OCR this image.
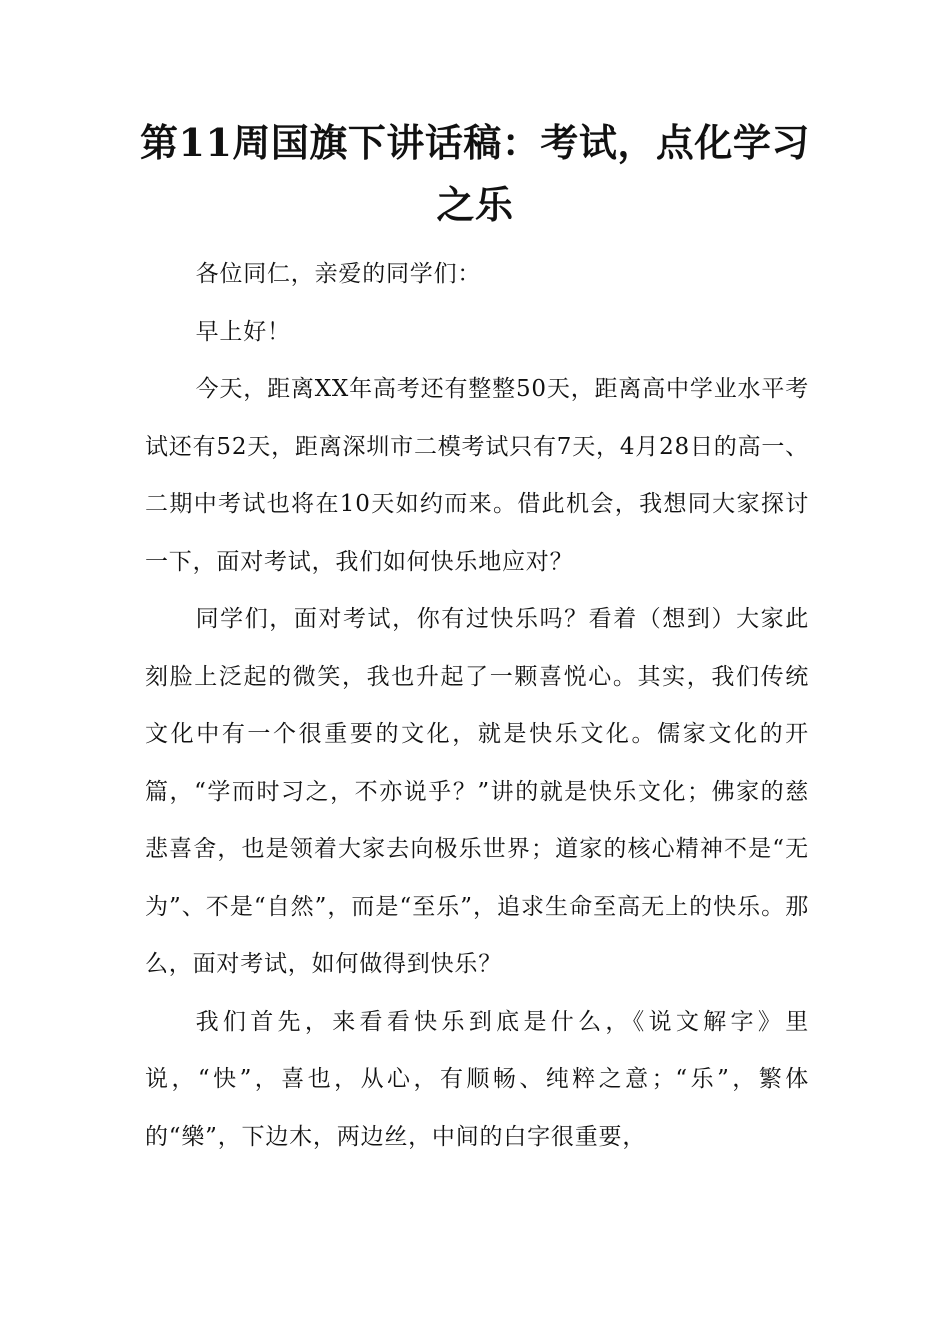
第11周国旗下讲话稿：考试，点化学习之乐

各位同仁，亲爱的同学们：

早上好！

今天，距离XX年高考还有整整50天，距离高中学业水平考试还有52天，距离深圳市二模考试只有7天，4月28日的高一、二期中考试也将在10天如约而来。借此机会，我想同大家探讨一下，面对考试，我们如何快乐地应对？

同学们，面对考试，你有过快乐吗？看着（想到）大家此刻脸上泛起的微笑，我也升起了一颗喜悦心。其实，我们传统文化中有一个很重要的文化，就是快乐文化。儒家文化的开篇，“学而时习之，不亦说乎？”讲的就是快乐文化；佛家的慈悲喜舍，也是领着大家去向极乐世界；道家的核心精神不是“无为”、不是“自然”，而是“至乐”，追求生命至高无上的快乐。那么，面对考试，如何做得到快乐？

我们首先，来看看快乐到底是什么，《说文解字》里说，“快”，喜也，从心，有顺畅、纯粹之意；“乐”，繁体的“樂”，下边木，两边丝，中间的白字很重要，
